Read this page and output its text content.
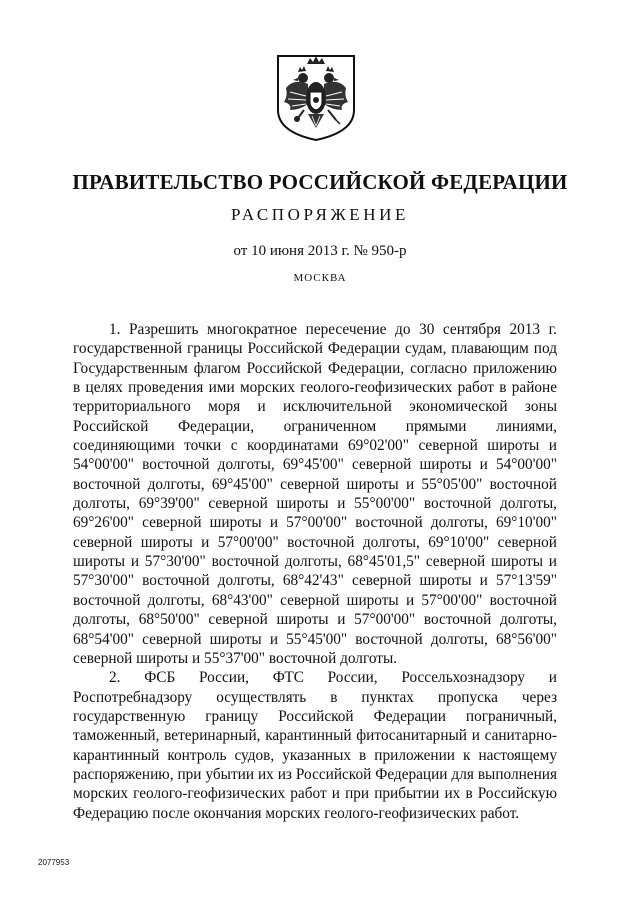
ПРАВИТЕЛЬСТВО РОССИЙСКОЙ ФЕДЕРАЦИИ
РАСПОРЯЖЕНИЕ
от 10 июня 2013 г. № 950-р
МОСКВА

1. Разрешить многократное пересечение до 30 сентября 2013 г. государственной границы Российской Федерации судам, плавающим под Государственным флагом Российской Федерации, согласно приложению в целях проведения ими морских геолого-геофизических работ в районе территориального моря и исключительной экономической зоны Российской Федерации, ограниченном прямыми линиями, соединяющими точки с координатами 69°02'00" северной широты и 54°00'00" восточной долготы, 69°45'00" северной широты и 54°00'00" восточной долготы, 69°45'00" северной широты и 55°05'00" восточной долготы, 69°39'00" северной широты и 55°00'00" восточной долготы, 69°26'00" северной широты и 57°00'00" восточной долготы, 69°10'00" северной широты и 57°00'00" восточной долготы, 69°10'00" северной широты и 57°30'00" восточной долготы, 68°45'01,5" северной широты и 57°30'00" восточной долготы, 68°42'43" северной широты и 57°13'59" восточной долготы, 68°43'00" северной широты и 57°00'00" восточной долготы, 68°50'00" северной широты и 57°00'00" восточной долготы, 68°54'00" северной широты и 55°45'00" восточной долготы, 68°56'00" северной широты и 55°37'00" восточной долготы.

2. ФСБ России, ФТС России, Россельхознадзору и Роспотребнадзору осуществлять в пунктах пропуска через государственную границу Российской Федерации пограничный, таможенный, ветеринарный, карантинный фитосанитарный и санитарно-карантинный контроль судов, указанных в приложении к настоящему распоряжению, при убытии их из Российской Федерации для выполнения морских геолого-геофизических работ и при прибытии их в Российскую Федерацию после окончания морских геолого-геофизических работ.

2077953
